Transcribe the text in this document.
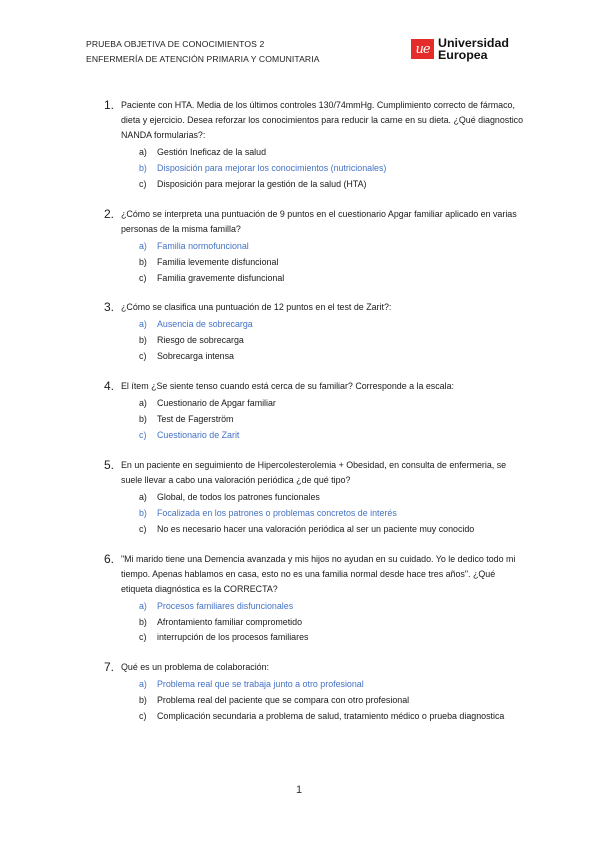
PRUEBA OBJETIVA DE CONOCIMIENTOS 2
ENFERMERÍA DE ATENCIÓN PRIMARIA Y COMUNITARIA
ue Universidad
Europea
1. Paciente con HTA. Media de los últimos controles 130/74mmHg. Cumplimiento correcto de fármaco, dieta y ejercicio. Desea reforzar los conocimientos para reducir la carne en su dieta. ¿Qué diagnostico NANDA formularias?:
a) Gestión Ineficaz de la salud
b) Disposición para mejorar los conocimientos (nutricionales)
c) Disposición para mejorar la gestión de la salud (HTA)
2. ¿Cómo se interpreta una puntuación de 9 puntos en el cuestionario Apgar familiar aplicado en varias personas de la misma familla?
a) Familia normofuncional
b) Familia levemente disfuncional
c) Familia gravemente disfuncional
3. ¿Cómo se clasifica una puntuación de 12 puntos en el test de Zarit?:
a) Ausencia de sobrecarga
b) Riesgo de sobrecarga
c) Sobrecarga intensa
4. El ítem ¿Se siente tenso cuando está cerca de su familiar? Corresponde a la escala:
a) Cuestionario de Apgar familiar
b) Test de Fagerström
c) Cuestionario de Zarit
5. En un paciente en seguimiento de Hipercolesterolemia + Obesidad, en consulta de enfermeria, se suele llevar a cabo una valoración periódica ¿de qué tipo?
a) Global, de todos los patrones funcionales
b) Focalizada en los patrones o problemas concretos de interés
c) No es necesario hacer una valoración periódica al ser un paciente muy conocido
6. "Mi marido tiene una Demencia avanzada y mis hijos no ayudan en su cuidado. Yo le dedico todo mi tiempo. Apenas hablamos en casa, esto no es una familia normal desde hace tres años". ¿Qué etiqueta diagnóstica es la CORRECTA?
a) Procesos familiares disfuncionales
b) Afrontamiento familiar comprometido
c) interrupción de los procesos familiares
7. Qué es un problema de colaboración:
a) Problema real que se trabaja junto a otro profesional
b) Problema real del paciente que se compara con otro profesional
c) Complicación secundaria a problema de salud, tratamiento médico o prueba diagnostica
1
